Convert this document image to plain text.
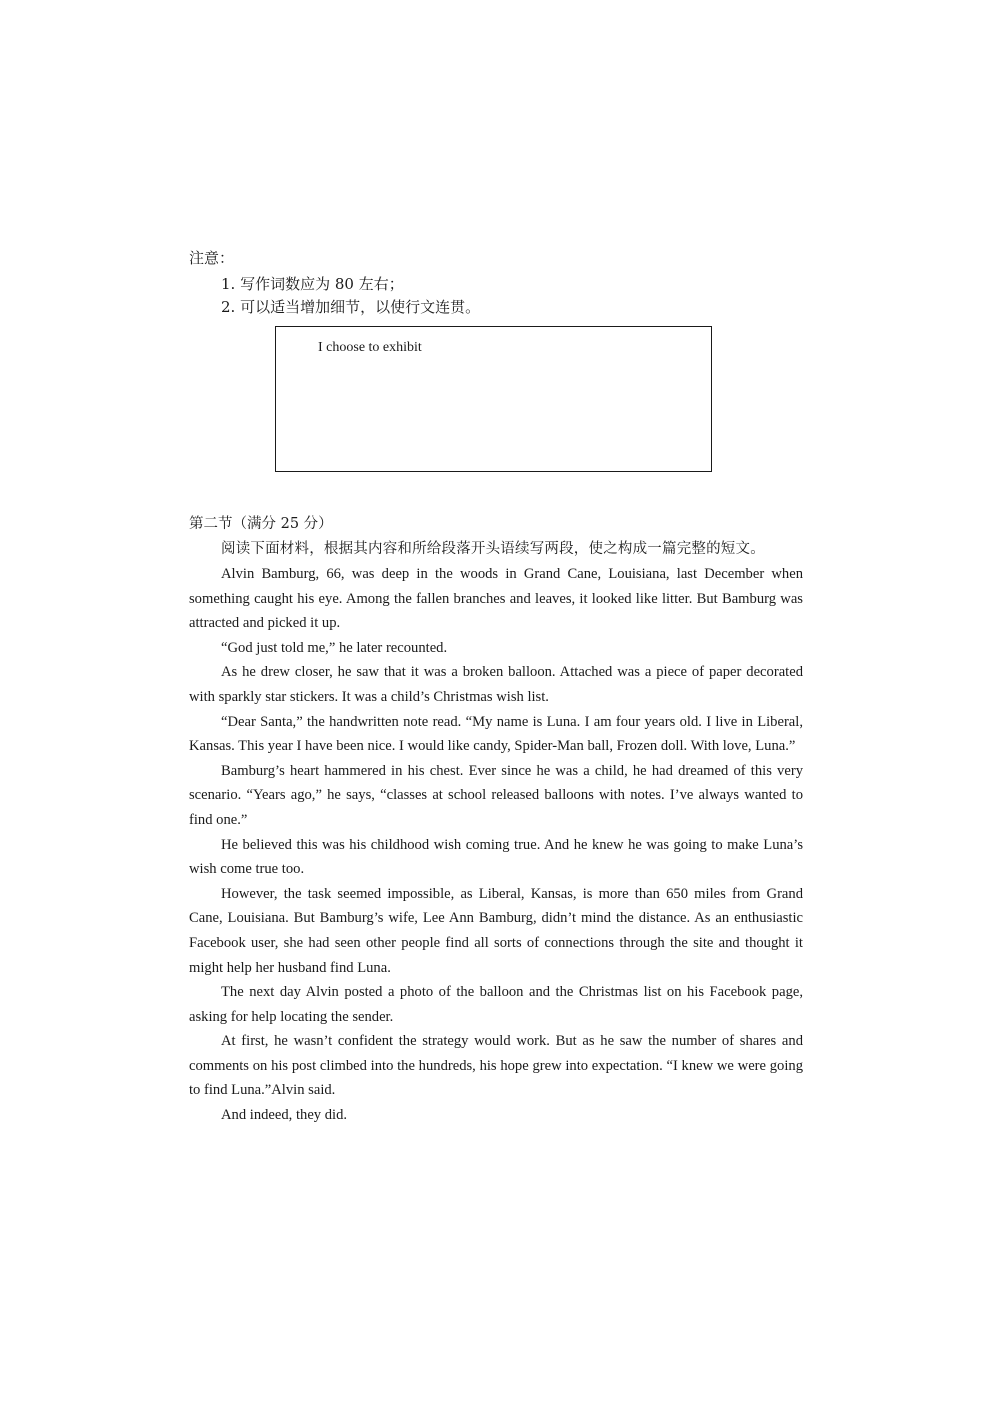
注意：
1. 写作词数应为 80 左右；
2. 可以适当增加细节，以使行文连贯。
I choose to exhibit
第二节（满分 25 分）
阅读下面材料，根据其内容和所给段落开头语续写两段，使之构成一篇完整的短文。

Alvin Bamburg, 66, was deep in the woods in Grand Cane, Louisiana, last December when something caught his eye. Among the fallen branches and leaves, it looked like litter. But Bamburg was attracted and picked it up.

“God just told me,” he later recounted.

As he drew closer, he saw that it was a broken balloon. Attached was a piece of paper decorated with sparkly star stickers. It was a child’s Christmas wish list.

“Dear Santa,” the handwritten note read. “My name is Luna. I am four years old. I live in Liberal, Kansas. This year I have been nice. I would like candy, Spider-Man ball, Frozen doll. With love, Luna.”

Bamburg’s heart hammered in his chest. Ever since he was a child, he had dreamed of this very scenario. “Years ago,” he says, “classes at school released balloons with notes. I’ve always wanted to find one.”

He believed this was his childhood wish coming true. And he knew he was going to make Luna’s wish come true too.

However, the task seemed impossible, as Liberal, Kansas, is more than 650 miles from Grand Cane, Louisiana. But Bamburg’s wife, Lee Ann Bamburg, didn’t mind the distance. As an enthusiastic Facebook user, she had seen other people find all sorts of connections through the site and thought it might help her husband find Luna.

The next day Alvin posted a photo of the balloon and the Christmas list on his Facebook page, asking for help locating the sender.

At first, he wasn’t confident the strategy would work. But as he saw the number of shares and comments on his post climbed into the hundreds, his hope grew into expectation. “I knew we were going to find Luna.”Alvin said.

And indeed, they did.
